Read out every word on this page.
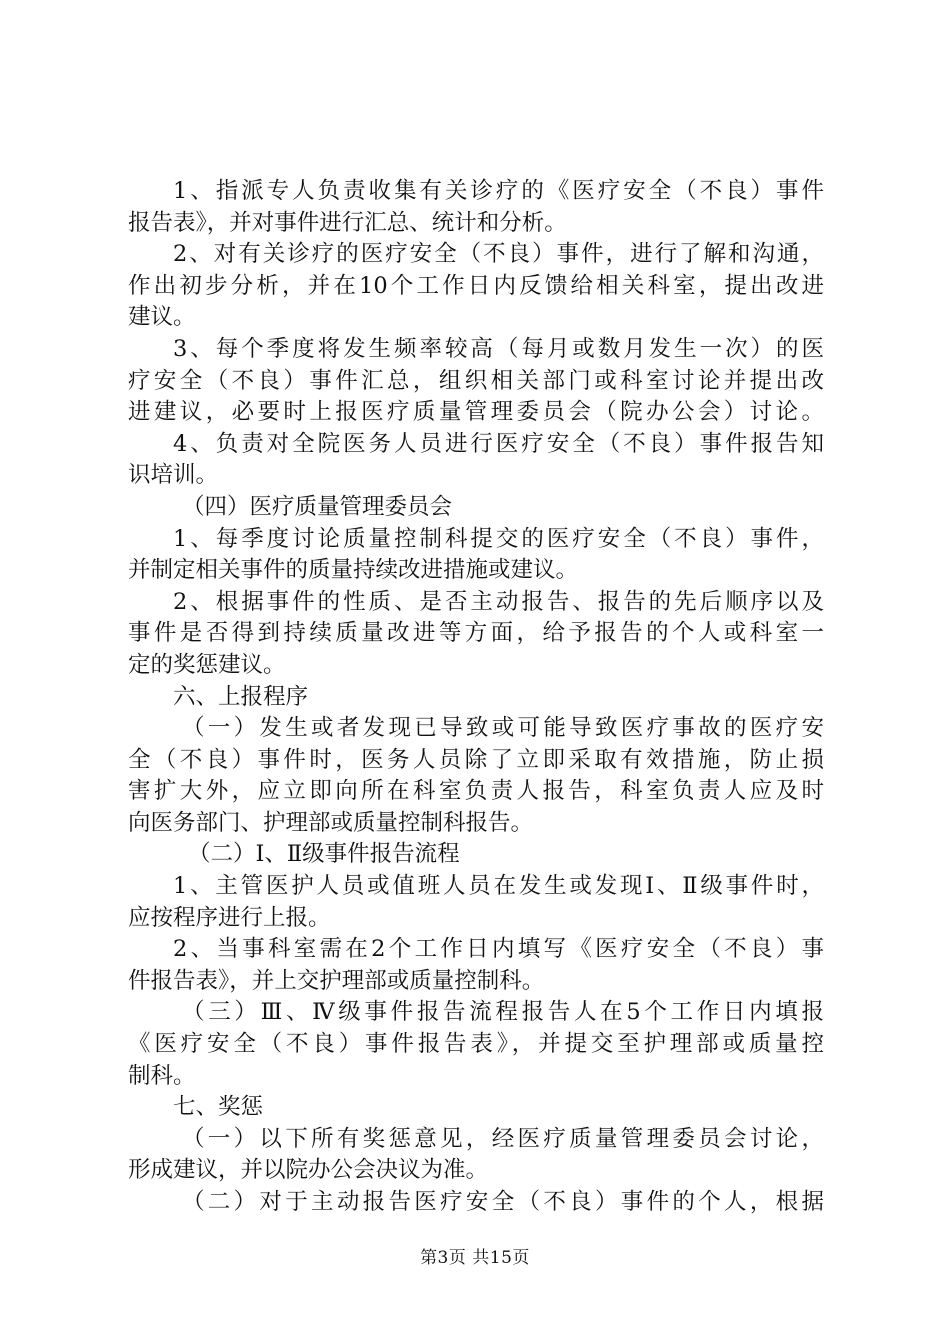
1、指派专人负责收集有关诊疗的《医疗安全（不良）事件
报告表》，并对事件进行汇总、统计和分析。
2、对有关诊疗的医疗安全（不良）事件，进行了解和沟通，
作出初步分析，并在10个工作日内反馈给相关科室，提出改进
建议。
3、每个季度将发生频率较高（每月或数月发生一次）的医
疗安全（不良）事件汇总，组织相关部门或科室讨论并提出改
进建议，必要时上报医疗质量管理委员会（院办公会）讨论。
4、负责对全院医务人员进行医疗安全（不良）事件报告知
识培训。
（四）医疗质量管理委员会
1、每季度讨论质量控制科提交的医疗安全（不良）事件，
并制定相关事件的质量持续改进措施或建议。
2、根据事件的性质、是否主动报告、报告的先后顺序以及
事件是否得到持续质量改进等方面，给予报告的个人或科室一
定的奖惩建议。
六、上报程序
（一）发生或者发现已导致或可能导致医疗事故的医疗安
全（不良）事件时，医务人员除了立即采取有效措施，防止损
害扩大外，应立即向所在科室负责人报告，科室负责人应及时
向医务部门、护理部或质量控制科报告。
（二）Ⅰ、Ⅱ级事件报告流程
1、主管医护人员或值班人员在发生或发现Ⅰ、Ⅱ级事件时，
应按程序进行上报。
2、当事科室需在2个工作日内填写《医疗安全（不良）事
件报告表》，并上交护理部或质量控制科。
（三）Ⅲ、Ⅳ级事件报告流程报告人在5个工作日内填报
《医疗安全（不良）事件报告表》，并提交至护理部或质量控
制科。
七、奖惩
（一）以下所有奖惩意见，经医疗质量管理委员会讨论，
形成建议，并以院办公会决议为准。
（二）对于主动报告医疗安全（不良）事件的个人，根据
第3页 共15页
